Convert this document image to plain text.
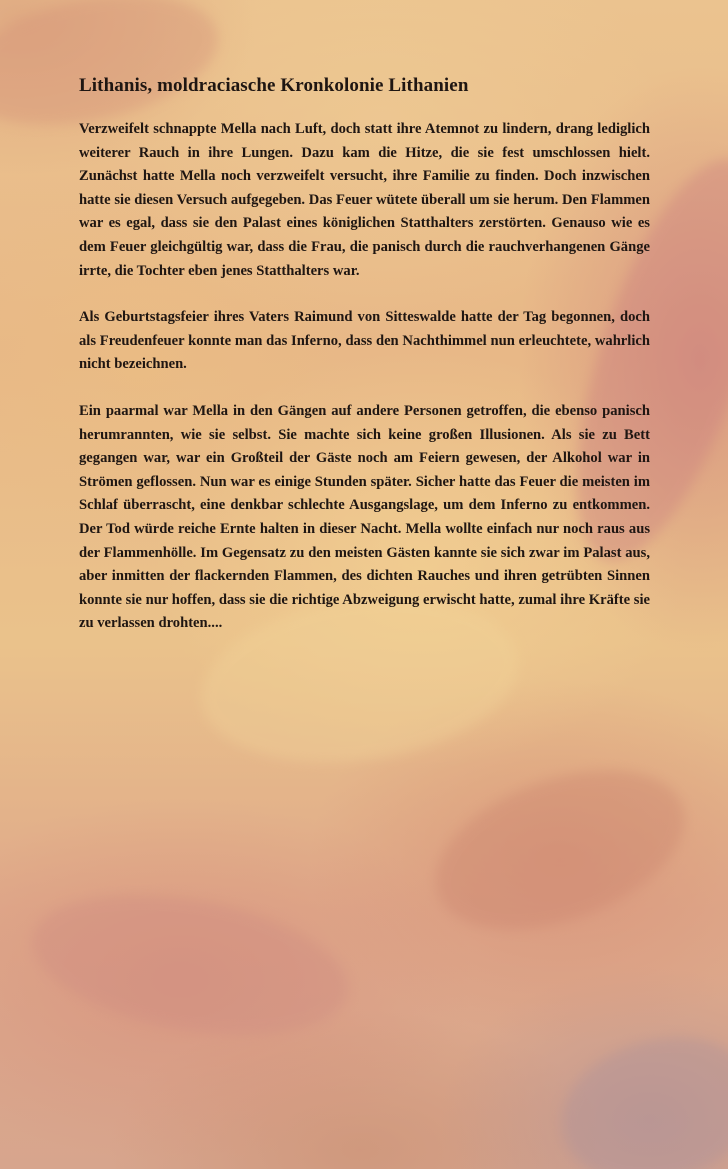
Lithanis, moldraciasche Kronkolonie Lithanien

Verzweifelt schnappte Mella nach Luft, doch statt ihre Atemnot zu lindern, drang lediglich weiterer Rauch in ihre Lungen. Dazu kam die Hitze, die sie fest umschlossen hielt. Zunächst hatte Mella noch verzweifelt versucht, ihre Familie zu finden. Doch inzwischen hatte sie diesen Versuch aufgegeben. Das Feuer wütete überall um sie herum. Den Flammen war es egal, dass sie den Palast eines königlichen Statthalters zerstörten. Genauso wie es dem Feuer gleichgültig war, dass die Frau, die panisch durch die rauchverhangenen Gänge irrte, die Tochter eben jenes Statthalters war.

Als Geburtstagsfeier ihres Vaters Raimund von Sitteswalde hatte der Tag begonnen, doch als Freudenfeuer konnte man das Inferno, dass den Nachthimmel nun erleuchtete, wahrlich nicht bezeichnen.

Ein paarmal war Mella in den Gängen auf andere Personen getroffen, die ebenso panisch herumrannten, wie sie selbst. Sie machte sich keine großen Illusionen. Als sie zu Bett gegangen war, war ein Großteil der Gäste noch am Feiern gewesen, der Alkohol war in Strömen geflossen. Nun war es einige Stunden später. Sicher hatte das Feuer die meisten im Schlaf überrascht, eine denkbar schlechte Ausgangslage, um dem Inferno zu entkommen. Der Tod würde reiche Ernte halten in dieser Nacht. Mella wollte einfach nur noch raus aus der Flammenhölle. Im Gegensatz zu den meisten Gästen kannte sie sich zwar im Palast aus, aber inmitten der flackernden Flammen, des dichten Rauches und ihren getrübten Sinnen konnte sie nur hoffen, dass sie die richtige Abzweigung erwischt hatte, zumal ihre Kräfte sie zu verlassen drohten....
